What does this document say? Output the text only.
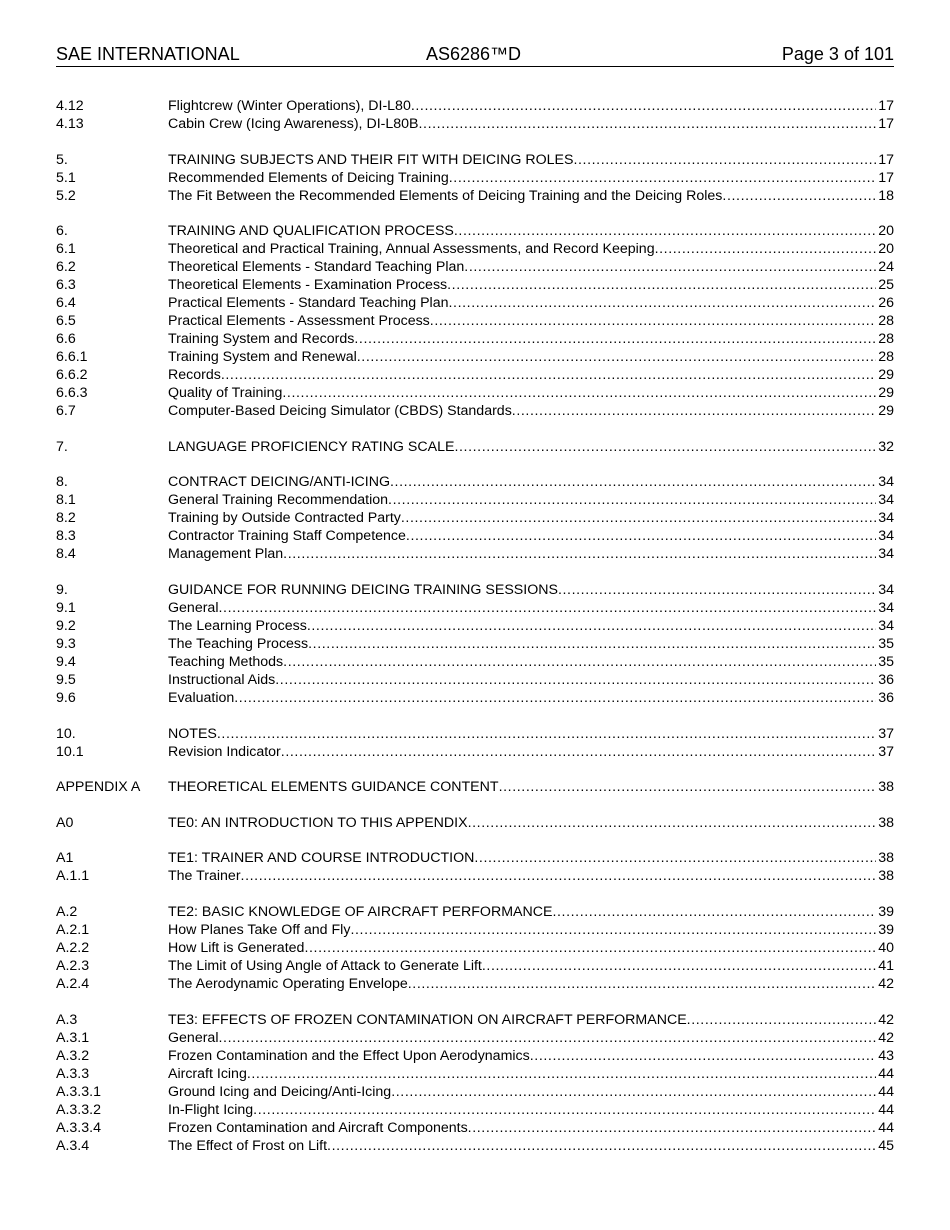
SAE INTERNATIONAL	AS6286™D	Page 3 of 101
4.12	Flightcrew (Winter Operations), DI-L80 .....	17
4.13	Cabin Crew (Icing Awareness), DI-L80B .....	17
5.	TRAINING SUBJECTS AND THEIR FIT WITH DEICING ROLES .....	17
5.1	Recommended Elements of Deicing Training .....	17
5.2	The Fit Between the Recommended Elements of Deicing Training and the Deicing Roles .....	18
6.	TRAINING AND QUALIFICATION PROCESS .....	20
6.1	Theoretical and Practical Training, Annual Assessments, and Record Keeping .....	20
6.2	Theoretical Elements - Standard Teaching Plan .....	24
6.3	Theoretical Elements - Examination Process .....	25
6.4	Practical Elements - Standard Teaching Plan .....	26
6.5	Practical Elements - Assessment Process .....	28
6.6	Training System and Records .....	28
6.6.1	Training System and Renewal .....	28
6.6.2	Records .....	29
6.6.3	Quality of Training .....	29
6.7	Computer-Based Deicing Simulator (CBDS) Standards .....	29
7.	LANGUAGE PROFICIENCY RATING SCALE .....	32
8.	CONTRACT DEICING/ANTI-ICING .....	34
8.1	General Training Recommendation .....	34
8.2	Training by Outside Contracted Party .....	34
8.3	Contractor Training Staff Competence .....	34
8.4	Management Plan .....	34
9.	GUIDANCE FOR RUNNING DEICING TRAINING SESSIONS .....	34
9.1	General .....	34
9.2	The Learning Process .....	34
9.3	The Teaching Process .....	35
9.4	Teaching Methods .....	35
9.5	Instructional Aids .....	36
9.6	Evaluation .....	36
10.	NOTES .....	37
10.1	Revision Indicator .....	37
APPENDIX A THEORETICAL ELEMENTS GUIDANCE CONTENT .....	38
A0	TE0: AN INTRODUCTION TO THIS APPENDIX .....	38
A1	TE1: TRAINER AND COURSE INTRODUCTION .....	38
A.1.1	The Trainer .....	38
A.2	TE2: BASIC KNOWLEDGE OF AIRCRAFT PERFORMANCE .....	39
A.2.1	How Planes Take Off and Fly .....	39
A.2.2	How Lift is Generated .....	40
A.2.3	The Limit of Using Angle of Attack to Generate Lift .....	41
A.2.4	The Aerodynamic Operating Envelope .....	42
A.3	TE3: EFFECTS OF FROZEN CONTAMINATION ON AIRCRAFT PERFORMANCE .....	42
A.3.1	General .....	42
A.3.2	Frozen Contamination and the Effect Upon Aerodynamics .....	43
A.3.3	Aircraft Icing .....	44
A.3.3.1	Ground Icing and Deicing/Anti-Icing .....	44
A.3.3.2	In-Flight Icing .....	44
A.3.3.4	Frozen Contamination and Aircraft Components .....	44
A.3.4	The Effect of Frost on Lift .....	45
